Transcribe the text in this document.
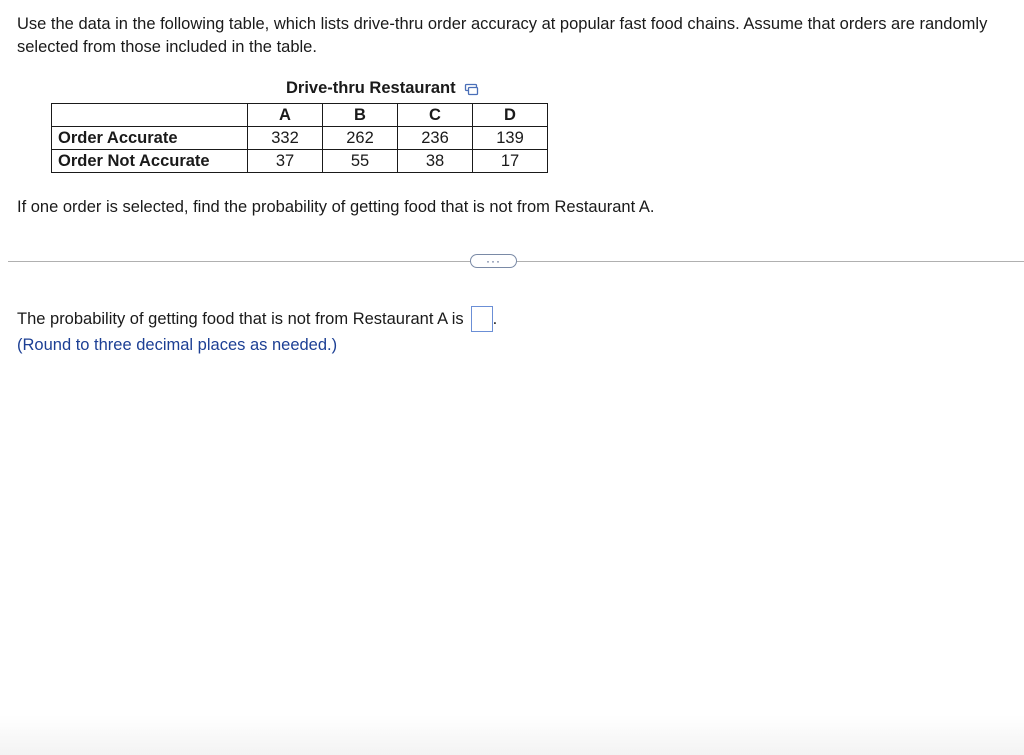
Use the data in the following table, which lists drive-thru order accuracy at popular fast food chains. Assume that orders are randomly selected from those included in the table.

Drive-thru Restaurant
	A	B	C	D
Order Accurate	332	262	236	139
Order Not Accurate	37	55	38	17

If one order is selected, find the probability of getting food that is not from Restaurant A.

···
The probability of getting food that is not from Restaurant A is .

(Round to three decimal places as needed.)
